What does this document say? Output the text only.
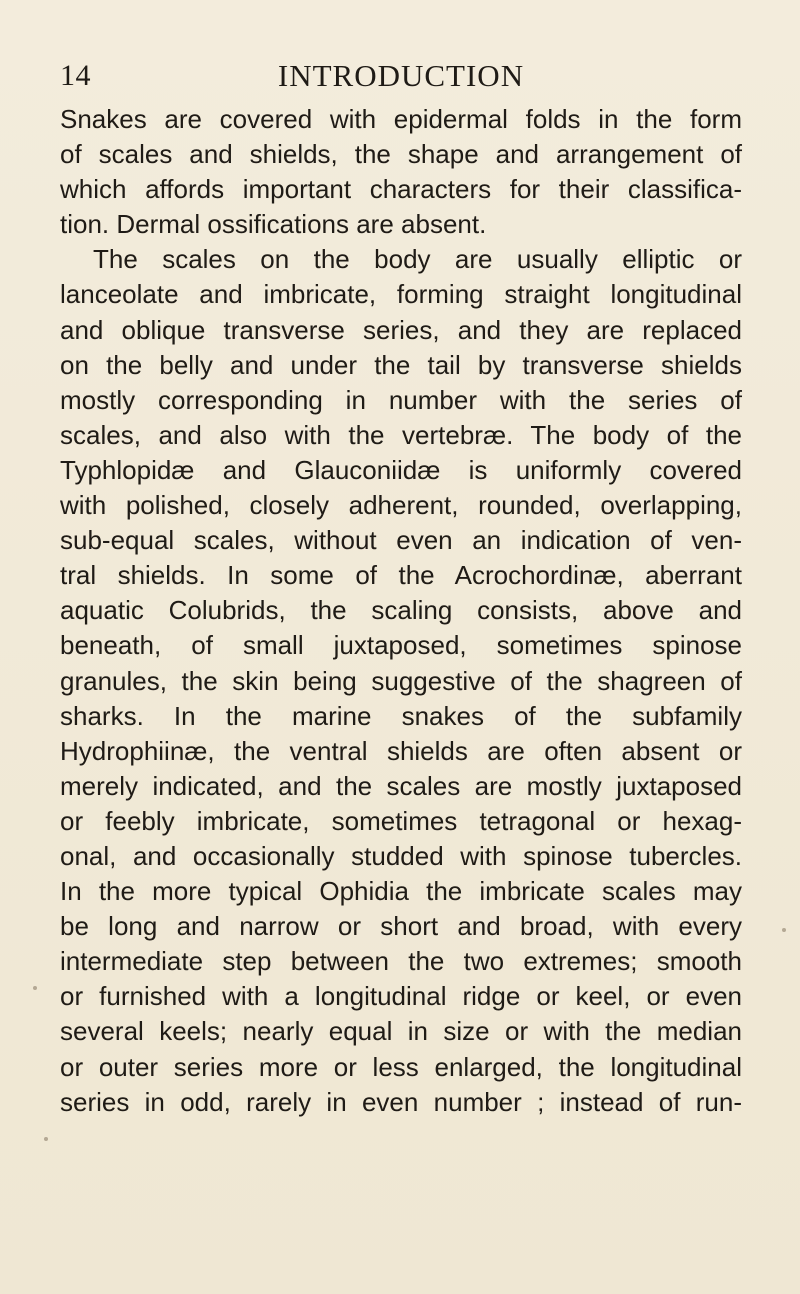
14	INTRODUCTION
Snakes are covered with epidermal folds in the form
of scales and shields, the shape and arrangement of
which affords important characters for their classifica-
tion. Dermal ossifications are absent.
The scales on the body are usually elliptic or
lanceolate and imbricate, forming straight longitudinal
and oblique transverse series, and they are replaced
on the belly and under the tail by transverse shields
mostly corresponding in number with the series of
scales, and also with the vertebræ. The body of the
Typhlopidæ and Glauconiidæ is uniformly covered
with polished, closely adherent, rounded, overlapping,
sub-equal scales, without even an indication of ven-
tral shields. In some of the Acrochordinæ, aberrant
aquatic Colubrids, the scaling consists, above and
beneath, of small juxtaposed, sometimes spinose
granules, the skin being suggestive of the shagreen of
sharks. In the marine snakes of the subfamily
Hydrophiinæ, the ventral shields are often absent or
merely indicated, and the scales are mostly juxtaposed
or feebly imbricate, sometimes tetragonal or hexag-
onal, and occasionally studded with spinose tubercles.
In the more typical Ophidia the imbricate scales may
be long and narrow or short and broad, with every
intermediate step between the two extremes; smooth
or furnished with a longitudinal ridge or keel, or even
several keels; nearly equal in size or with the median
or outer series more or less enlarged, the longitudinal
series in odd, rarely in even number ; instead of run-
